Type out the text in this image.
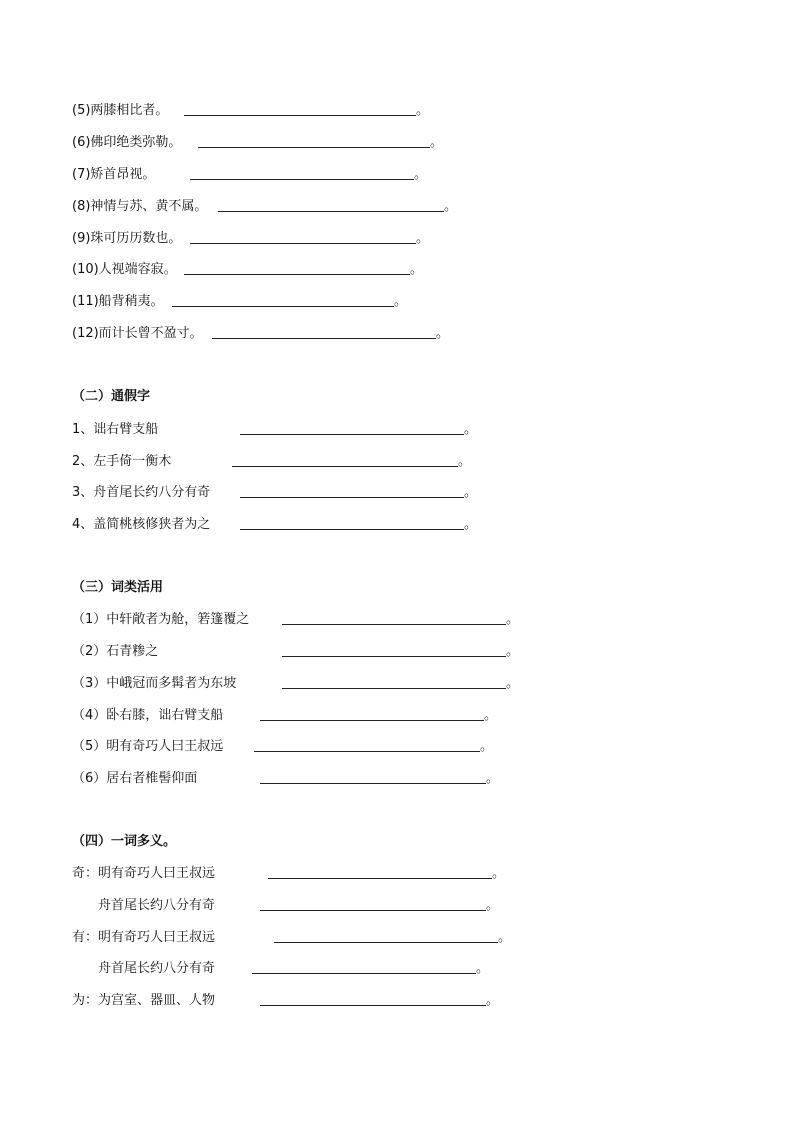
(5)两膝相比者。	。
(6)佛印绝类弥勒。	。
(7)矫首昂视。	。
(8)神情与苏、黄不属。	。
(9)珠可历历数也。	。
(10)人视端容寂。	。
(11)船背稍夷。	。
(12)而计长曾不盈寸。	。
（二）通假字
1、诎右臂支船	。
2、左手倚一衡木	。
3、舟首尾长约八分有奇	。
4、盖简桃核修狭者为之	。
（三）词类活用
（1）中轩敞者为舱，箬篷覆之	。
（2）石青糁之	。
（3）中峨冠而多髯者为东坡	。
（4）卧右膝，诎右臂支船	。
（5）明有奇巧人曰王叔远	。
（6）居右者椎髻仰面	。
（四）一词多义。
奇：明有奇巧人曰王叔远	。
舟首尾长约八分有奇	。
有：明有奇巧人曰王叔远	。
舟首尾长约八分有奇	。
为：为宫室、器皿、人物	。
